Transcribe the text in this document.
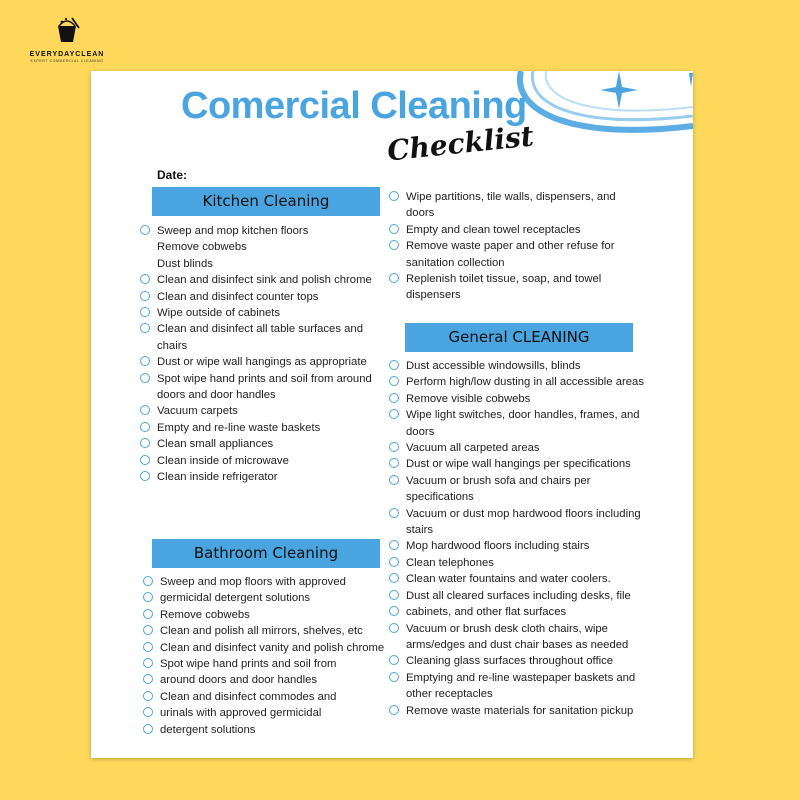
EVERYDAYCLEAN
EXPERT COMMERCIAL CLEANING
Comercial Cleaning
Checklist
Date:
Kitchen Cleaning
Sweep and mop kitchen floors
Remove cobwebs
Dust blinds
Clean and disinfect sink and polish chrome
Clean and disinfect counter tops
Wipe outside of cabinets
Clean and disinfect all table surfaces and chairs
Dust or wipe wall hangings as appropriate
Spot wipe hand prints and soil from around doors and door handles
Vacuum carpets
Empty and re-line waste baskets
Clean small appliances
Clean inside of microwave
Clean inside refrigerator
Bathroom Cleaning
Sweep and mop floors with approved
germicidal detergent solutions
Remove cobwebs
Clean and polish all mirrors, shelves, etc
Clean and disinfect vanity and polish chrome
Spot wipe hand prints and soil from
around doors and door handles
Clean and disinfect commodes and
urinals with approved germicidal
detergent solutions
Wipe partitions, tile walls, dispensers, and doors
Empty and clean towel receptacles
Remove waste paper and other refuse for sanitation collection
Replenish toilet tissue, soap, and towel dispensers
General CLEANING
Dust accessible windowsills, blinds
Perform high/low dusting in all accessible areas
Remove visible cobwebs
Wipe light switches, door handles, frames, and doors
Vacuum all carpeted areas
Dust or wipe wall hangings per specifications
Vacuum or brush sofa and chairs per specifications
Vacuum or dust mop hardwood floors including stairs
Mop hardwood floors including stairs
Clean telephones
Clean water fountains and water coolers.
Dust all cleared surfaces including desks, file
cabinets, and other flat surfaces
Vacuum or brush desk cloth chairs, wipe arms/edges and dust chair bases as needed
Cleaning glass surfaces throughout office
Emptying and re-line wastepaper baskets and other receptacles
Remove waste materials for sanitation pickup
